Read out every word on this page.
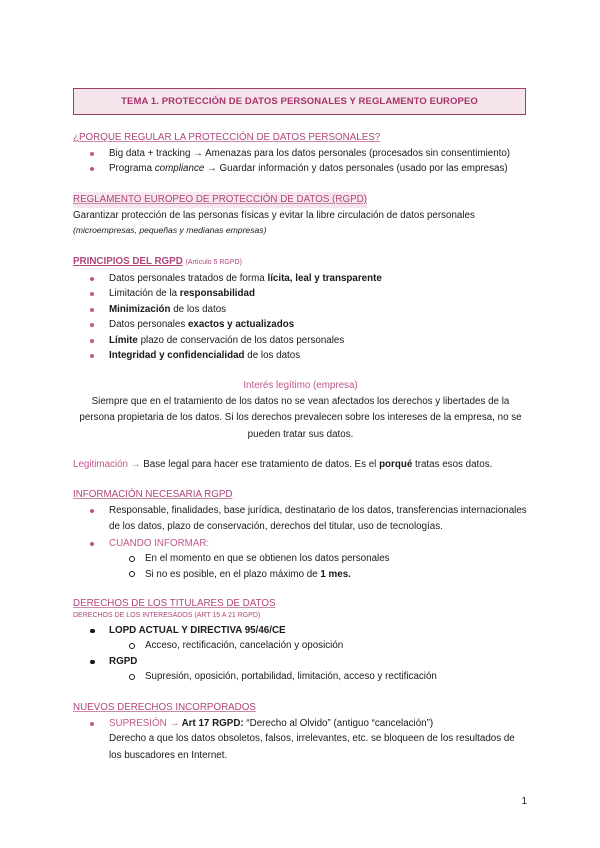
TEMA 1. PROTECCIÓN DE DATOS PERSONALES Y REGLAMENTO EUROPEO
¿PORQUE REGULAR LA PROTECCIÓN DE DATOS PERSONALES?
Big data + tracking → Amenazas para los datos personales (procesados sin consentimiento)
Programa compliance → Guardar información y datos personales (usado por las empresas)
REGLAMENTO EUROPEO DE PROTECCIÓN DE DATOS (RGPD)
Garantizar protección de las personas físicas y evitar la libre circulación de datos personales
(microempresas, pequeñas y medianas empresas)
PRINCIPIOS DEL RGPD (Artículo 5 RGPD)
Datos personales tratados de forma lícita, leal y transparente
Limitación de la responsabilidad
Minimización de los datos
Datos personales exactos y actualizados
Límite plazo de conservación de los datos personales
Integridad y confidencialidad de los datos
Interés legítimo (empresa)
Siempre que en el tratamiento de los datos no se vean afectados los derechos y libertades de la persona propietaria de los datos. Si los derechos prevalecen sobre los intereses de la empresa, no se pueden tratar sus datos.
Legitimación → Base legal para hacer ese tratamiento de datos. Es el porqué tratas esos datos.
INFORMACIÓN NECESARIA RGPD
Responsable, finalidades, base jurídica, destinatario de los datos, transferencias internacionales de los datos, plazo de conservación, derechos del titular, uso de tecnologías.
CUANDO INFORMAR:
En el momento en que se obtienen los datos personales
Si no es posible, en el plazo máximo de 1 mes.
DERECHOS DE LOS TITULARES DE DATOS
DERECHOS DE LOS INTERESADOS (ART 15 A 21 RGPD)
LOPD ACTUAL Y DIRECTIVA 95/46/CE
Acceso, rectificación, cancelación y oposición
RGPD
Supresión, oposición, portabilidad, limitación, acceso y rectificación
NUEVOS DERECHOS INCORPORADOS
SUPRESIÓN → Art 17 RGPD: “Derecho al Olvido” (antiguo “cancelación”)
Derecho a que los datos obsoletos, falsos, irrelevantes, etc. se bloqueen de los resultados de los buscadores en Internet.
1
